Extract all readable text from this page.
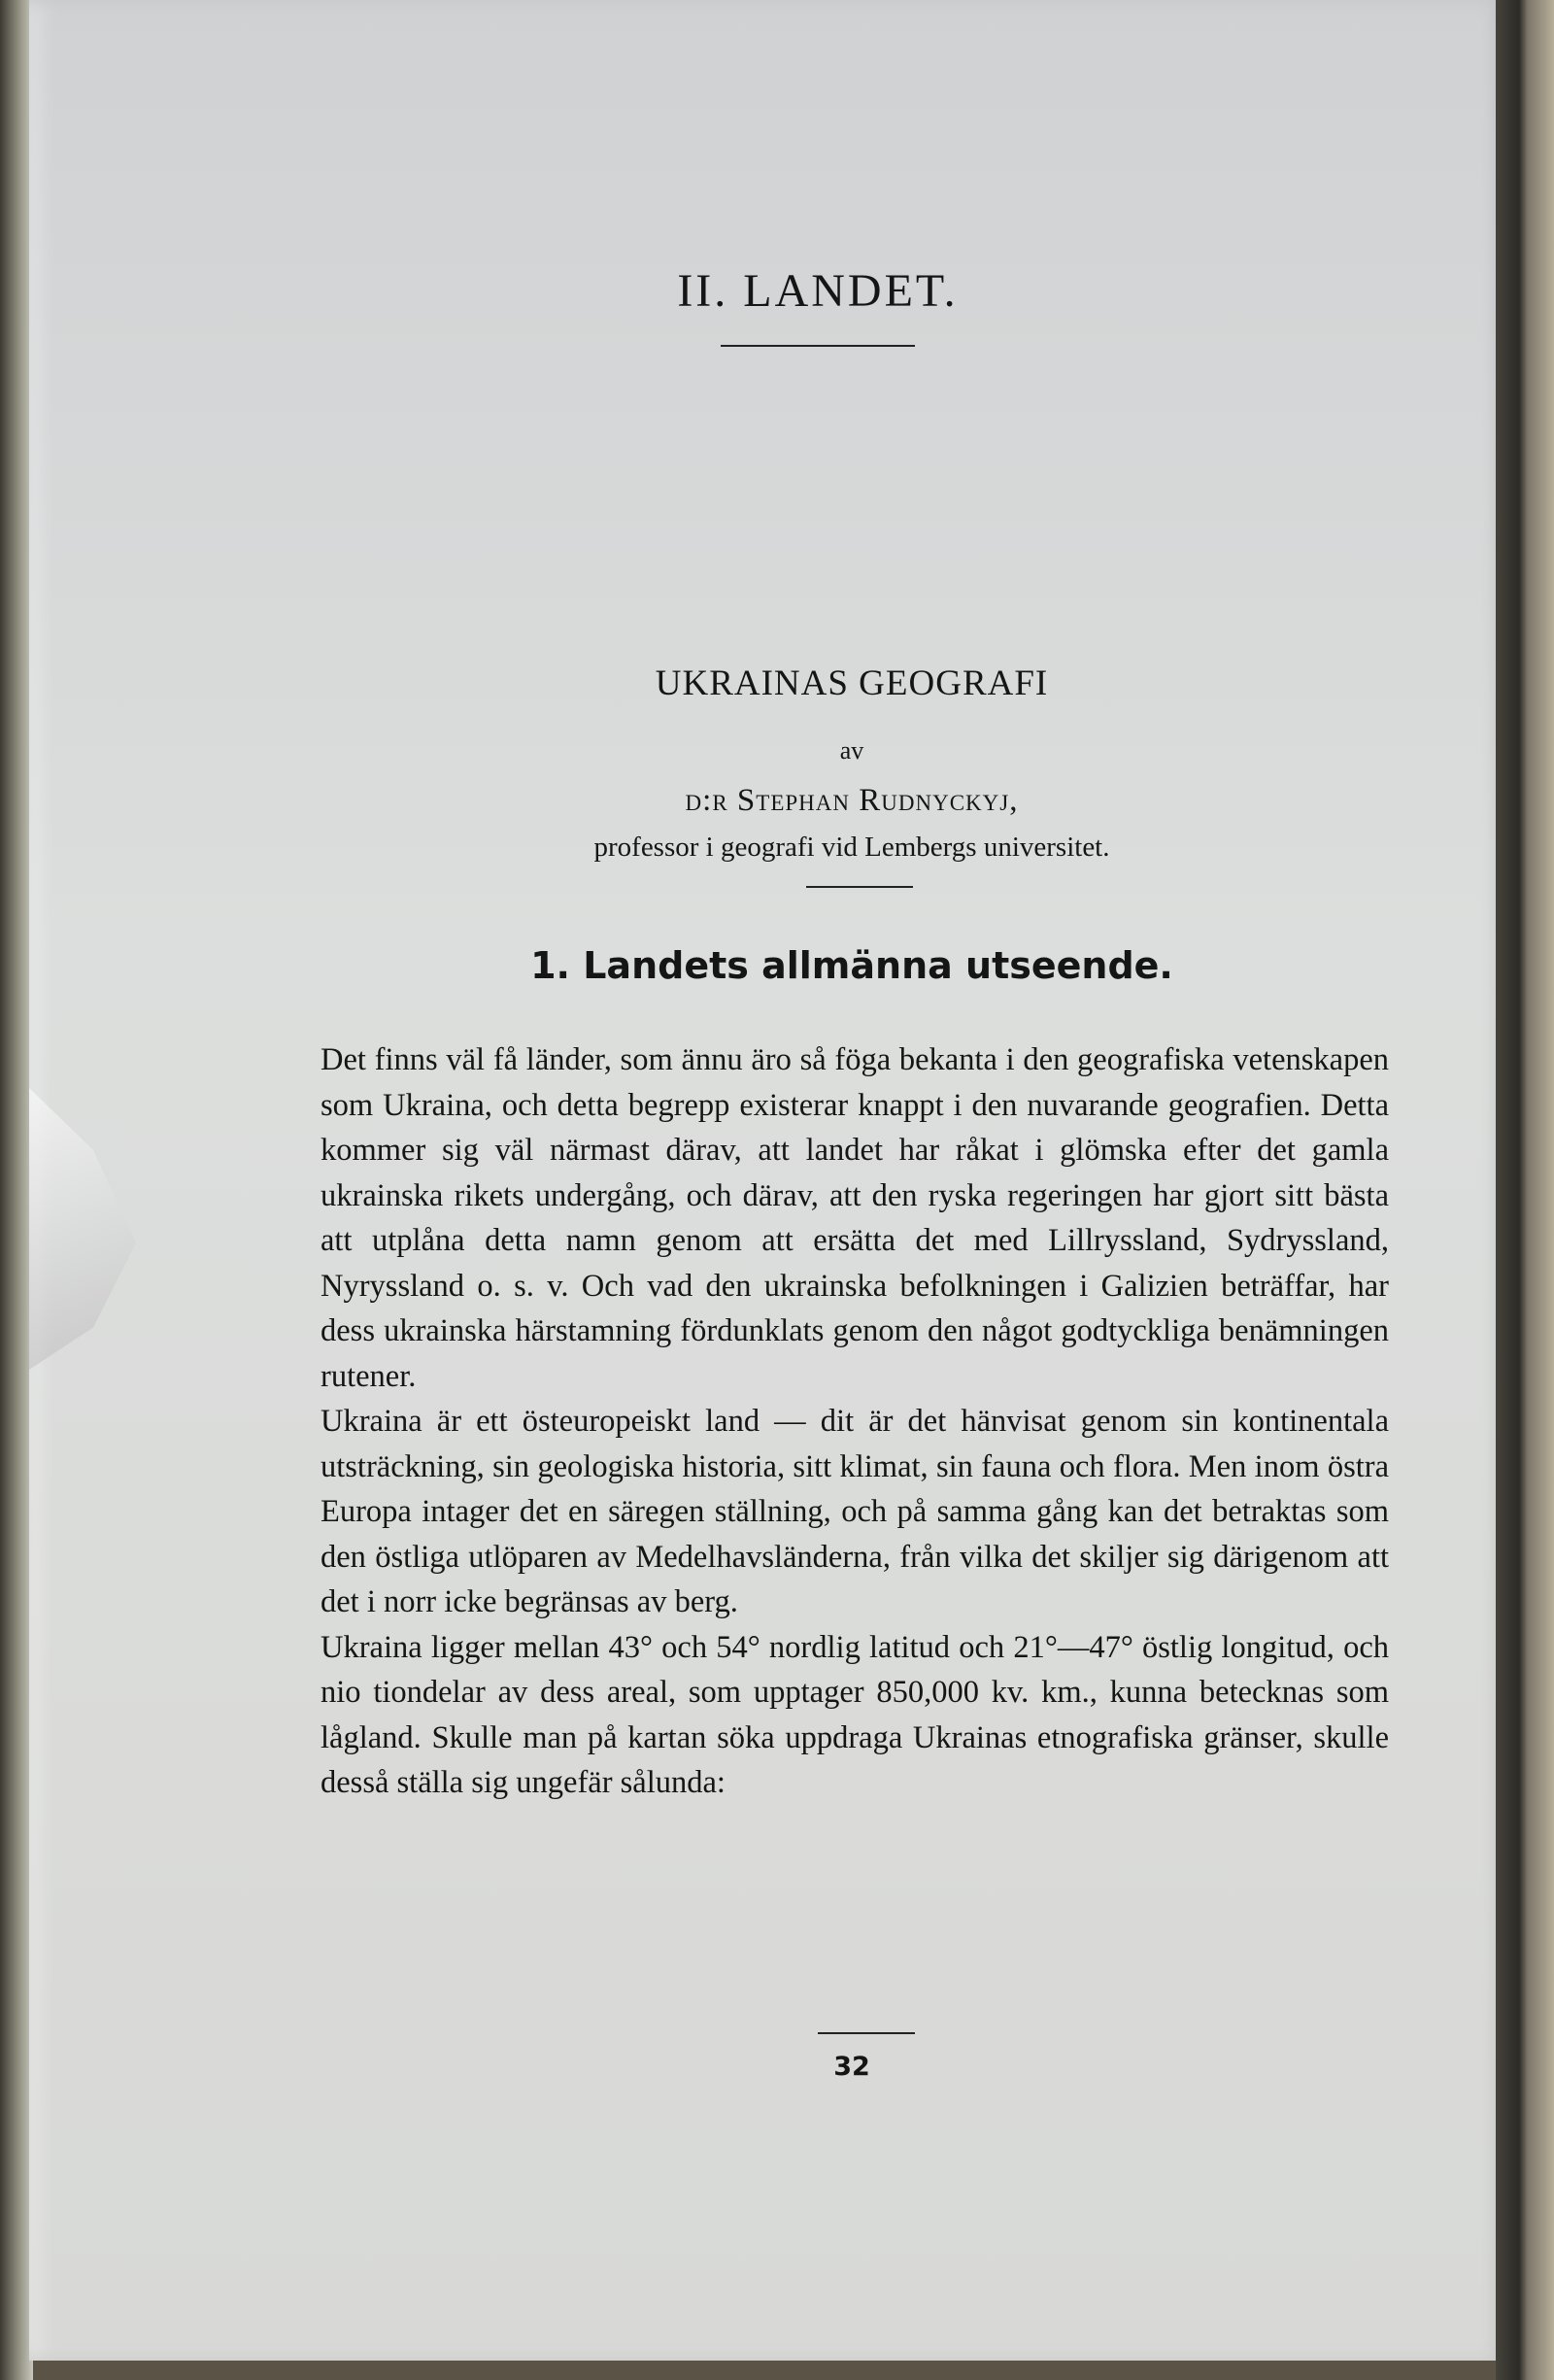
II. LANDET.
UKRAINAS GEOGRAFI
av
d:r Stephan Rudnyckyj,
professor i geografi vid Lembergs universitet.
1. Landets allmänna utseende.

Det finns väl få länder, som ännu äro så föga bekanta i den geografiska vetenskapen som Ukraina, och detta begrepp existerar knappt i den nuvarande geografien. Detta kommer sig väl närmast därav, att landet har råkat i glömska efter det gamla ukrainska rikets undergång, och därav, att den ryska regeringen har gjort sitt bästa att utplåna detta namn genom att ersätta det med Lillryssland, Sydryssland, Nyryssland o. s. v. Och vad den ukrainska befolkningen i Galizien beträffar, har dess ukrainska härstamning fördunklats genom den något godtyckliga benämningen rutener.

Ukraina är ett östeuropeiskt land — dit är det hänvisat genom sin kontinentala utsträckning, sin geologiska historia, sitt klimat, sin fauna och flora. Men inom östra Europa intager det en säregen ställning, och på samma gång kan det betraktas som den östliga utlöparen av Medelhavsländerna, från vilka det skiljer sig därigenom att det i norr icke begränsas av berg.

Ukraina ligger mellan 43° och 54° nordlig latitud och 21°—47° östlig longitud, och nio tiondelar av dess areal, som upptager 850,000 kv. km., kunna betecknas som lågland. Skulle man på kartan söka uppdraga Ukrainas etnografiska gränser, skulle desså ställa sig ungefär sålunda:

32
